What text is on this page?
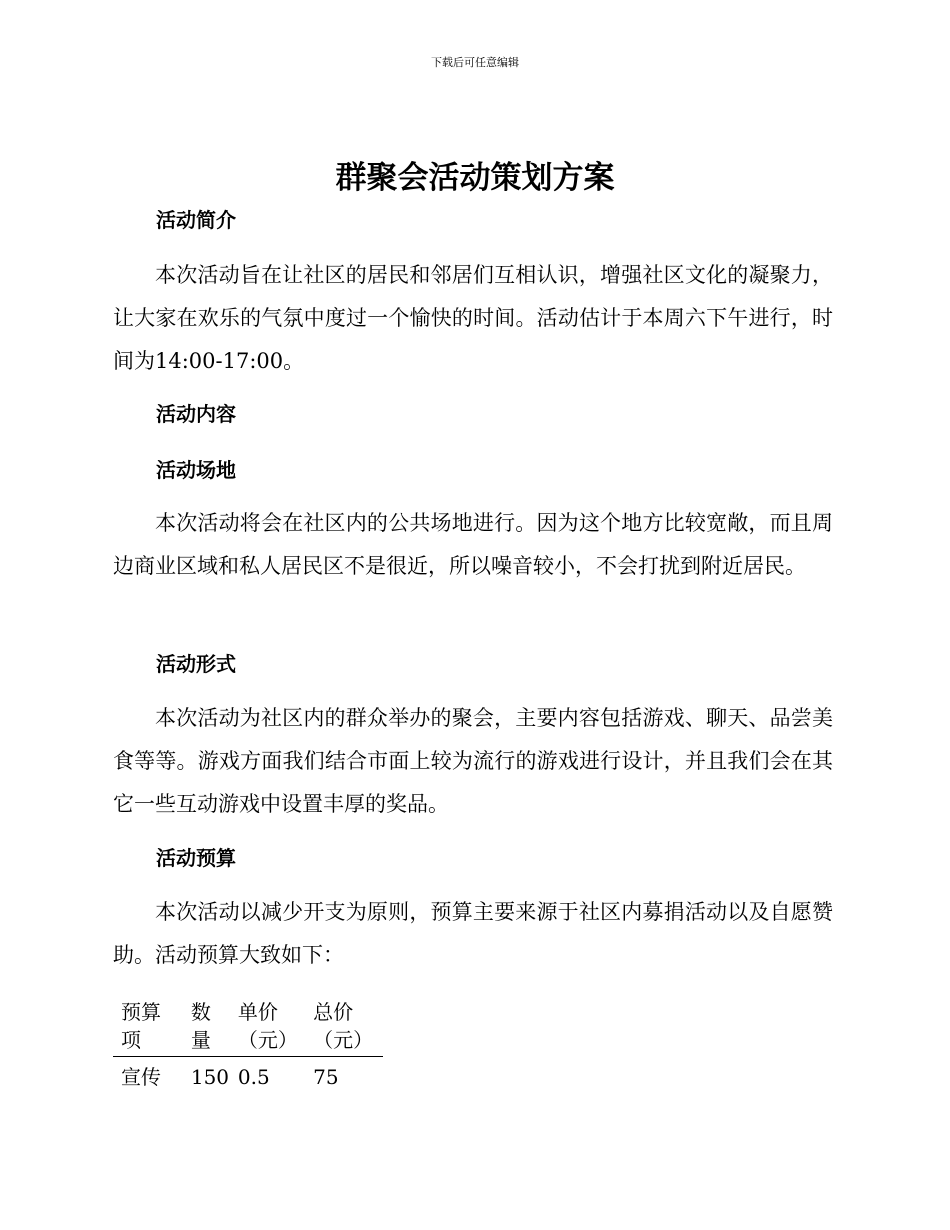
下载后可任意编辑
群聚会活动策划方案
活动简介
本次活动旨在让社区的居民和邻居们互相认识，增强社区文化的凝聚力，让大家在欢乐的气氛中度过一个愉快的时间。活动估计于本周六下午进行，时间为14:00-17:00。
活动内容
活动场地
本次活动将会在社区内的公共场地进行。因为这个地方比较宽敞，而且周边商业区域和私人居民区不是很近，所以噪音较小，不会打扰到附近居民。
活动形式
本次活动为社区内的群众举办的聚会，主要内容包括游戏、聊天、品尝美食等等。游戏方面我们结合市面上较为流行的游戏进行设计，并且我们会在其它一些互动游戏中设置丰厚的奖品。
活动预算
本次活动以减少开支为原则，预算主要来源于社区内募捐活动以及自愿赞助。活动预算大致如下：
预算项	数量	单价（元）	总价（元）

宣传	150	0.5	75
